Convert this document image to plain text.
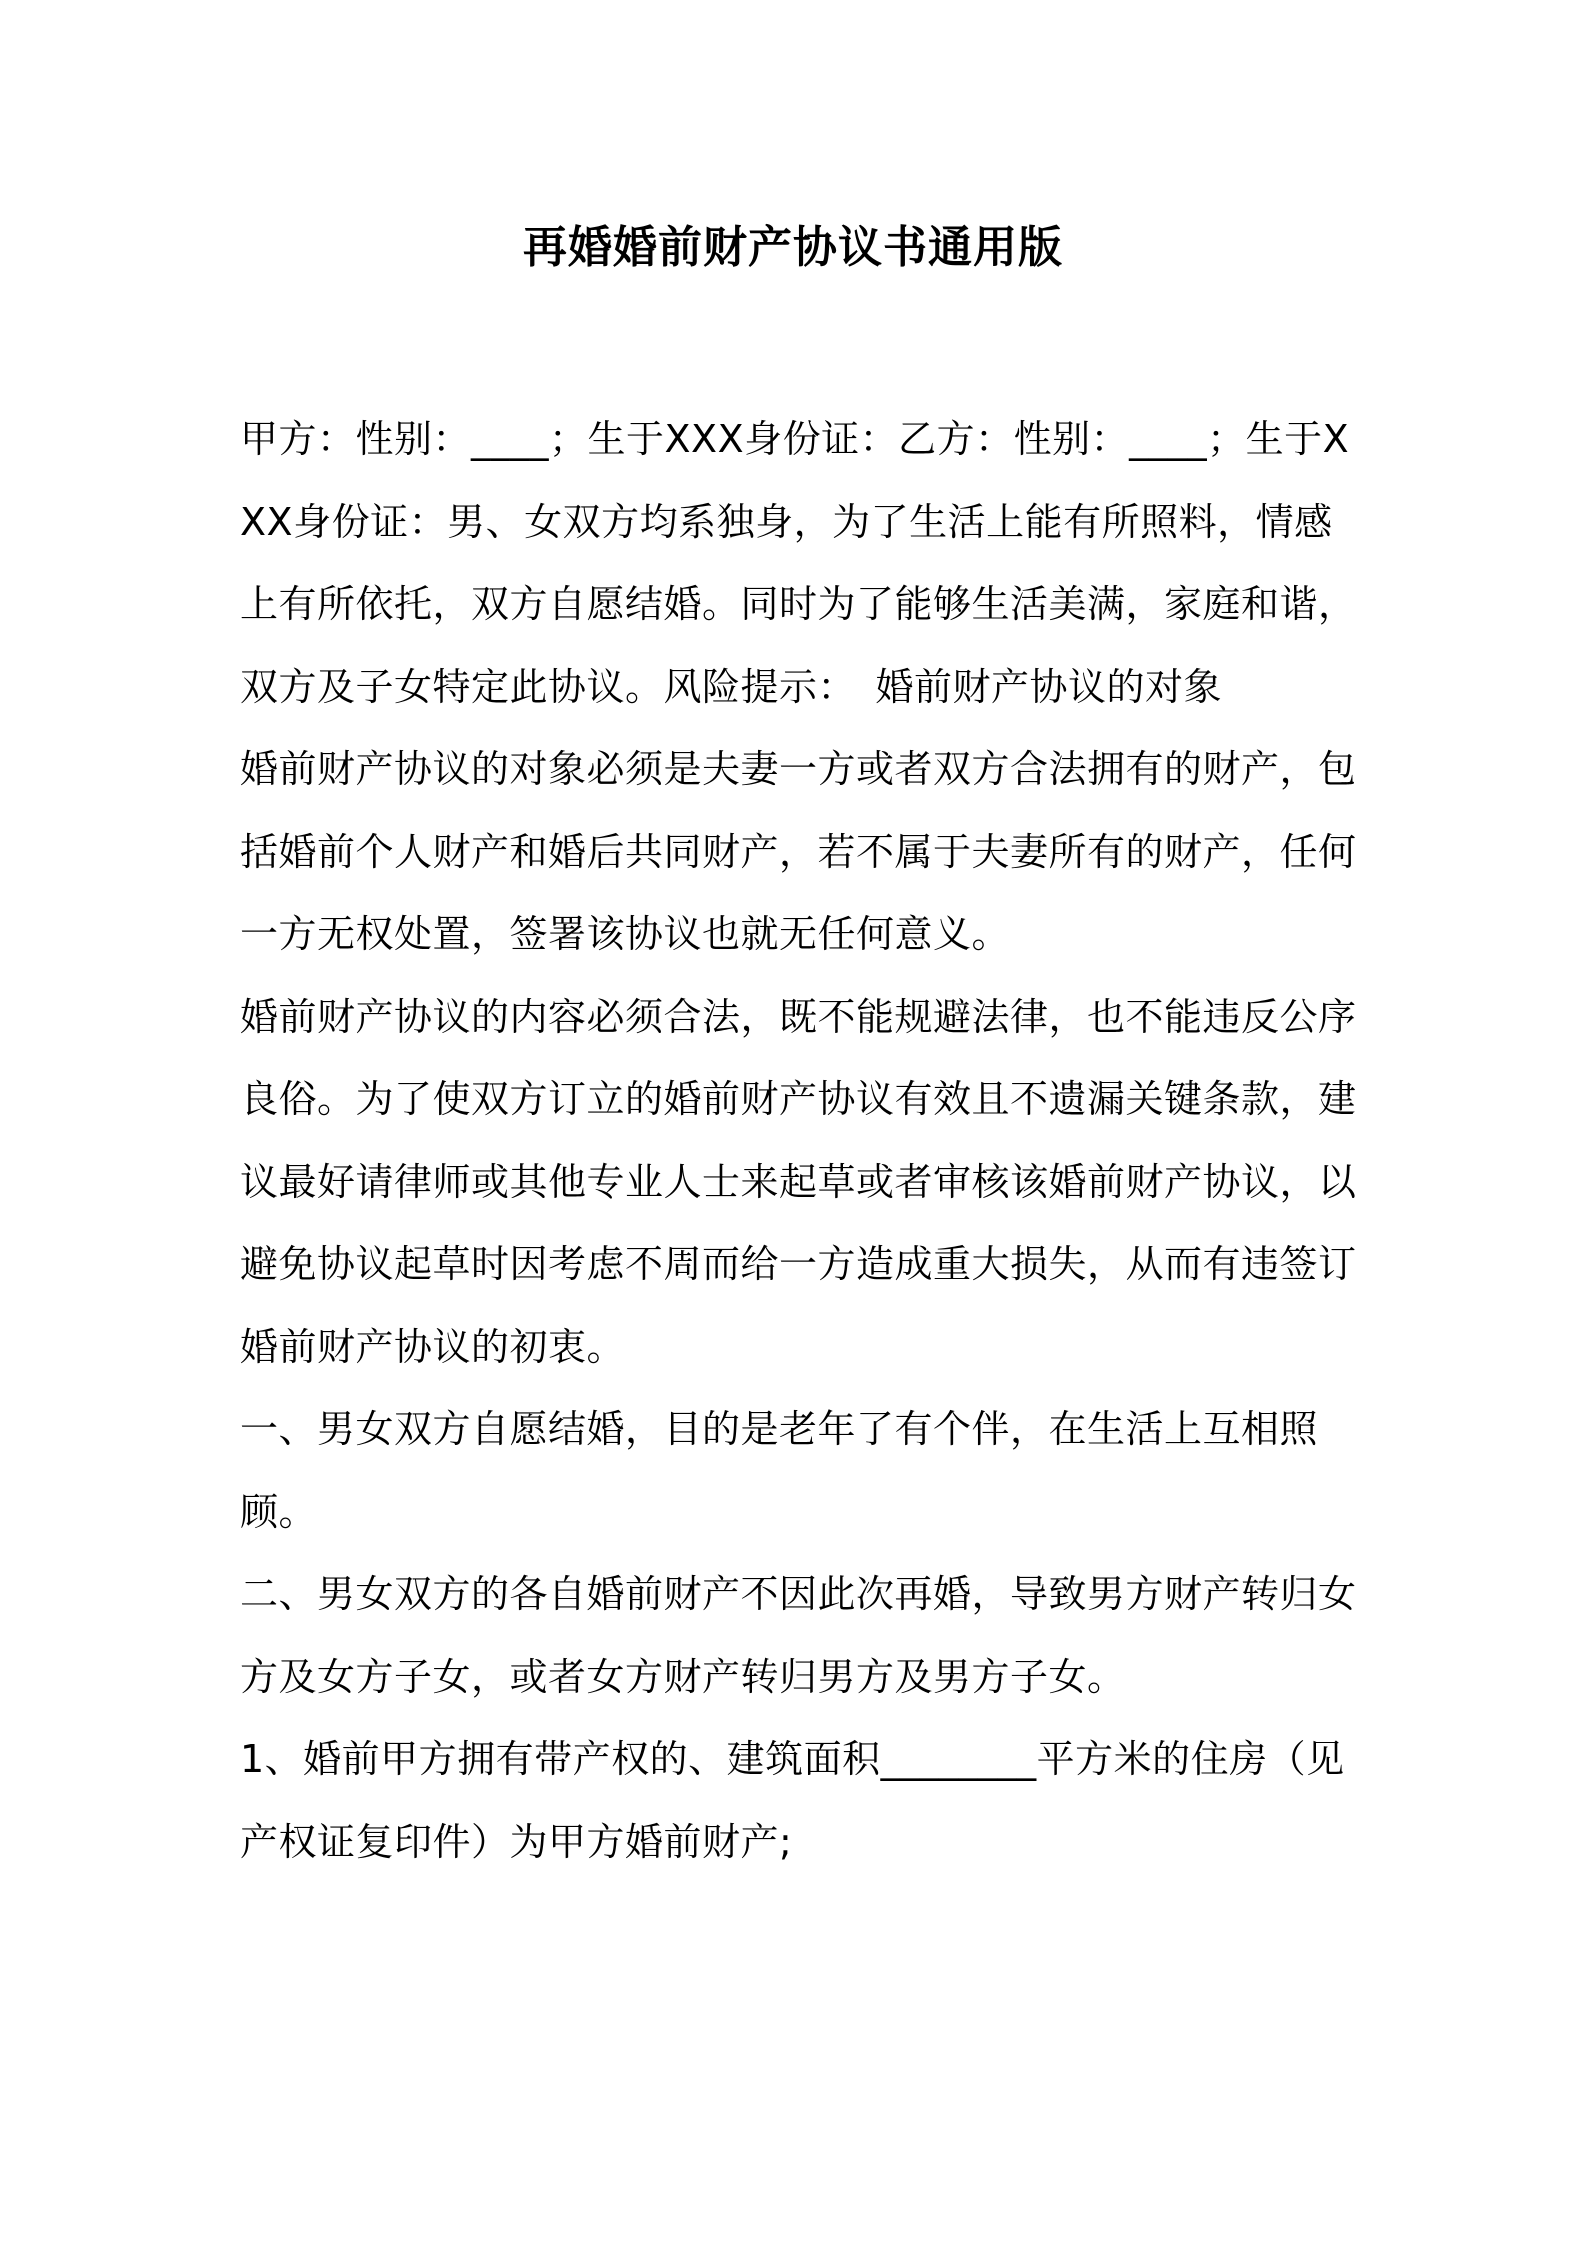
再婚婚前财产协议书通用版

甲方：性别：____；生于XXX身份证：乙方：性别：____；生于XXX身份证：男、女双方均系独身，为了生活上能有所照料，情感上有所依托，双方自愿结婚。同时为了能够生活美满，家庭和谐，双方及子女特定此协议。风险提示：　婚前财产协议的对象

婚前财产协议的对象必须是夫妻一方或者双方合法拥有的财产，包括婚前个人财产和婚后共同财产，若不属于夫妻所有的财产，任何一方无权处置，签署该协议也就无任何意义。

婚前财产协议的内容必须合法，既不能规避法律，也不能违反公序良俗。为了使双方订立的婚前财产协议有效且不遗漏关键条款，建议最好请律师或其他专业人士来起草或者审核该婚前财产协议，以避免协议起草时因考虑不周而给一方造成重大损失，从而有违签订婚前财产协议的初衷。

一、男女双方自愿结婚，目的是老年了有个伴，在生活上互相照顾。

二、男女双方的各自婚前财产不因此次再婚，导致男方财产转归女方及女方子女，或者女方财产转归男方及男方子女。

1、婚前甲方拥有带产权的、建筑面积________平方米的住房（见产权证复印件）为甲方婚前财产;
